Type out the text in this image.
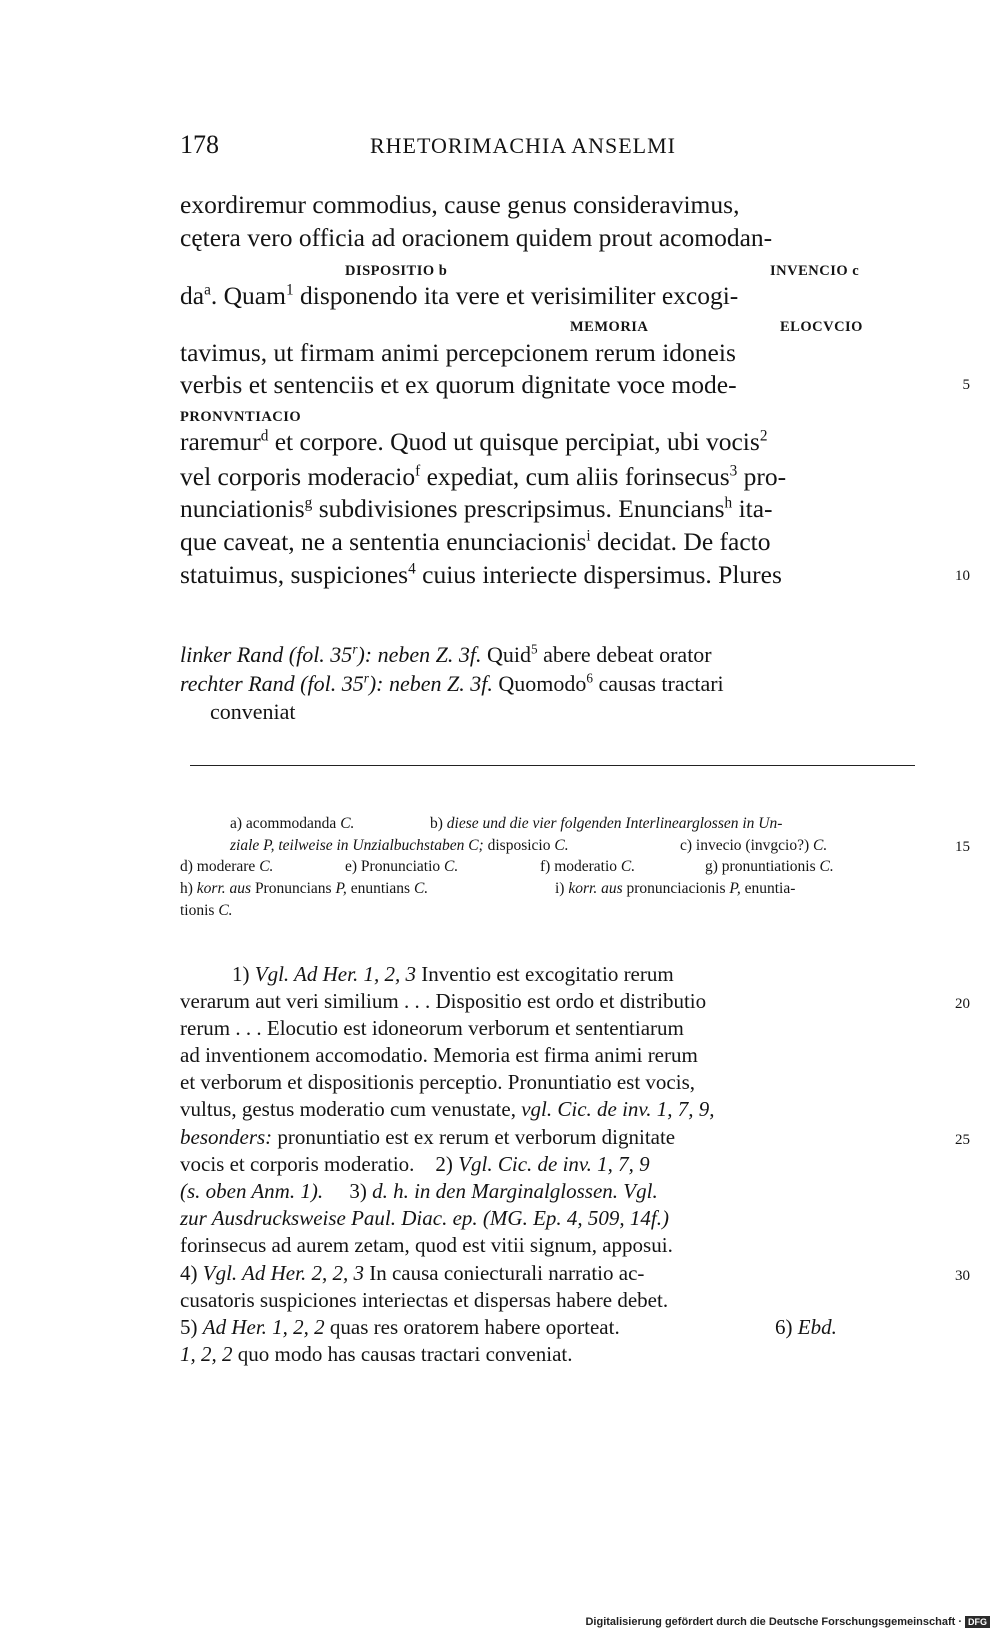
178	RHETORIMACHIA ANSELMI
exordiremur commodius, cause genus consideravimus,
cętera vero officia ad oracionem quidem prout acomodan-
DISPOSITIO b	INVENCIO c
$da^a$. Quam$^1$ disponendo ita vere et verisimiliter excogi-
MEMORIA	ELOCVCIO
tavimus, ut firmam animi percepcionem rerum idoneis
verbis et sentenciis et ex quorum dignitate voce mode-	5
PRONVNTIACIO
raremur$^d$ et corpore. Quod ut quisque percipiat, ubi vocis$^2$
vel corporis moderacio$^f$ expediat, cum aliis forinsecus$^3$ pro-
nunciationis$^g$ subdivisiones prescripsimus. Enuncians$^h$ ita-
que caveat, ne a sententia enunciacionis$^i$ decidat. De facto
statuimus, suspiciones$^4$ cuius interiecte dispersimus. Plures	10
linker Rand (fol. 35$^r$): neben Z. 3f. Quid$^5$ abere debeat orator
rechter Rand (fol. 35$^r$): neben Z. 3f. Quomodo$^6$ causas tractari
conveniat
a) acommodanda C.	b) diese und die vier folgenden Interlinearglossen in Un-
ziale P, teilweise in Unzialbuchstaben C; disposicio C.	c) invecio (invgcio?) C.	15
d) moderare C.	e) Pronunciatio C.	f) moderatio C.	g) pronuntiationis C.
h) korr. aus Pronuncians P, enuntians C.	i) korr. aus pronunciacionis P, enuntia-
tionis C.
1) Vgl. Ad Her. 1, 2, 3 Inventio est excogitatio rerum
verarum aut veri similium . . . Dispositio est ordo et distributio	20
rerum . . . Elocutio est idoneorum verborum et sententiarum
ad inventionem accomodatio. Memoria est firma animi rerum
et verborum et dispositionis perceptio. Pronuntiatio est vocis,
vultus, gestus moderatio cum venustate, vgl. Cic. de inv. 1, 7, 9,
besonders: pronuntiatio est ex rerum et verborum dignitate	25
vocis et corporis moderatio.    2) Vgl. Cic. de inv. 1, 7, 9
(s. oben Anm. 1).     3) d. h. in den Marginalglossen. Vgl.
zur Ausdrucksweise Paul. Diac. ep. (MG. Ep. 4, 509, 14f.)
forinsecus ad aurem zetam, quod est vitii signum, apposui.
4) Vgl. Ad Her. 2, 2, 3 In causa coniecturali narratio ac-	30
cusatoris suspiciones interiectas et dispersas habere debet.
5) Ad Her. 1, 2, 2 quas res oratorem habere oporteat.	6) Ebd.
1, 2, 2 quo modo has causas tractari conveniat.
Digitalisierung gefördert durch die Deutsche Forschungsgemeinschaft · DFG
